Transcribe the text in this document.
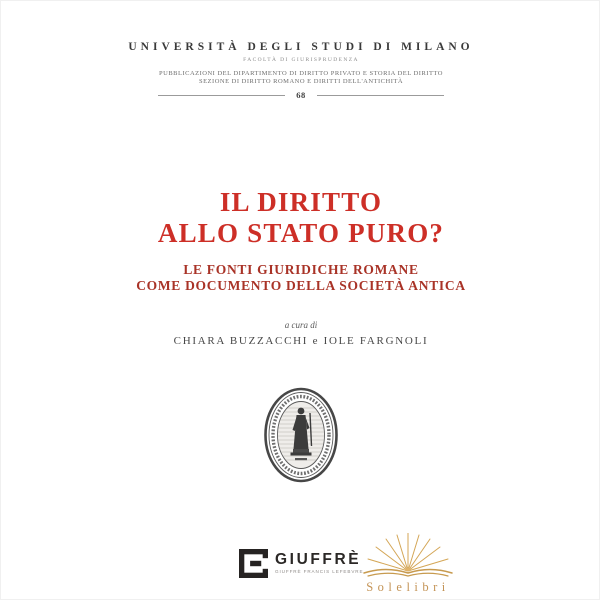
UNIVERSITÀ DEGLI STUDI DI MILANO
FACOLTÀ DI GIURISPRUDENZA
PUBBLICAZIONI DEL DIPARTIMENTO DI DIRITTO PRIVATO E STORIA DEL DIRITTO
SEZIONE DI DIRITTO ROMANO E DIRITTI DELL'ANTICHITÀ
68
IL DIRITTO
ALLO STATO PURO?
LE FONTI GIURIDICHE ROMANE
COME DOCUMENTO DELLA SOCIETÀ ANTICA
a cura di
CHIARA BUZZACCHI e IOLE FARGNOLI
GIUFFRÈ
GIUFFRÈ FRANCIS LEFEBVRE
Solelibri
